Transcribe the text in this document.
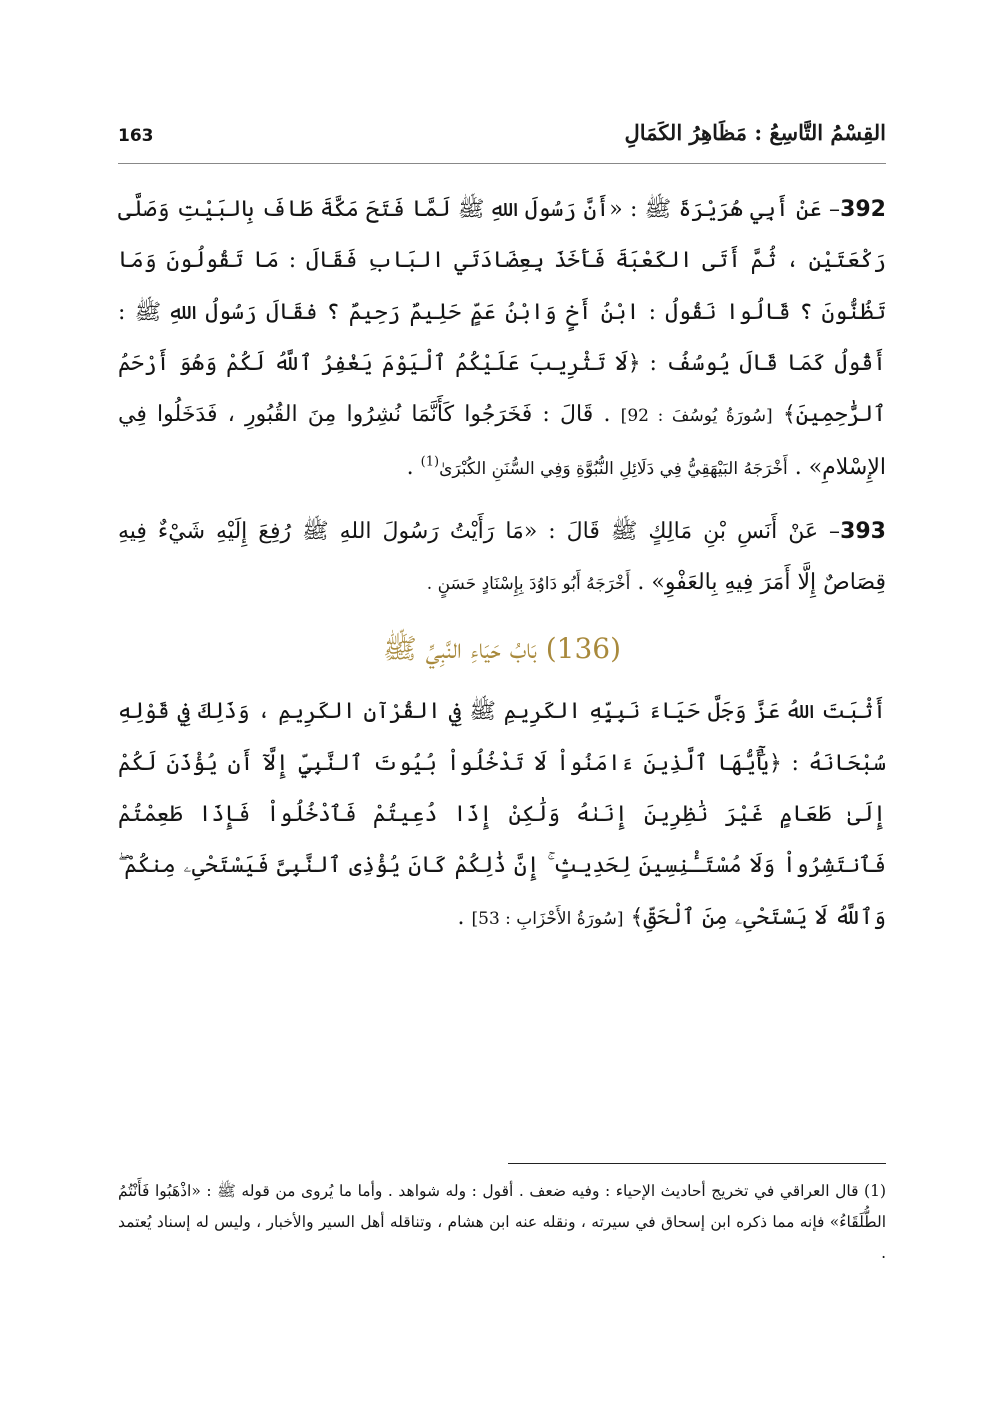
القِسْمُ التَّاسِعُ : مَظَاهِرُ الكَمَالِ
163

392– عَنْ أَبِي هُرَيْرَةَ ﷺ : «أَنَّ رَسُولَ اللهِ ﷺ لَمَّا فَتَحَ مَكَّةَ طَافَ بِالبَيْتِ وَصَلَّى رَكْعَتَيْنِ ، ثُمَّ أَتَى الكَعْبَةَ فَأَخَذَ بِعِضَادَتَي البَابِ فَقَالَ : مَا تَقُولُونَ وَمَا تَظُنُّونَ ؟ قَالُوا نَقُولُ : ابْنُ أَخٍ وَابْنُ عَمٍّ حَلِيمٌ رَحِيمٌ ؟ فقَالَ رَسُولُ اللهِ ﷺ : أَقُولُ كَمَا قَالَ يُوسُفُ : ﴿لَا تَثْرِيبَ عَلَيْكُمُ ٱلْيَوْمَ يَغْفِرُ ٱللَّهُ لَكُمْ وَهُوَ أَرْحَمُ ٱلرَّٰحِمِينَ﴾ [سُورَةُ يُوسُفَ : 92] . قَالَ : فَخَرَجُوا كَأَنَّمَا نُشِرُوا مِنَ القُبُورِ ، فَدَخَلُوا فِي الإِسْلامِ» . أَخْرَجَهُ البَيْهَقِيُّ فِي دَلَائِلِ النُّبُوَّةِ وَفِي السُّنَنِ الكُبْرَىٰ$^{(1)}$ .

393– عَنْ أَنَسِ بْنِ مَالِكٍ ﷺ قَالَ : «مَا رَأَيْتُ رَسُولَ اللهِ ﷺ رُفِعَ إِلَيْهِ شَيْءٌ فِيهِ قِصَاصٌ إِلَّا أَمَرَ فِيهِ بِالعَفْوِ» . أَخْرَجَهُ أَبُو دَاوُدَ بِإِسْنَادٍ حَسَنٍ .

(136) بَابُ حَيَاءِ النَّبِيِّ ﷺ

أَثْبَتَ اللهُ عَزَّ وَجَلَّ حَيَاءَ نَبِيِّهِ الكَرِيمِ ﷺ فِي القُرْآنِ الكَرِيمِ ، وَذَلِكَ فِي قَوْلِهِ سُبْحَانَهُ : ﴿يَٰٓأَيُّهَا ٱلَّذِينَ ءَامَنُواْ لَا تَدْخُلُواْ بُيُوتَ ٱلنَّبِيِّ إِلَّآ أَن يُؤْذَنَ لَكُمْ إِلَىٰ طَعَامٍ غَيْرَ نَٰظِرِينَ إِنَىٰهُ وَلَٰكِنْ إِذَا دُعِيتُمْ فَٱدْخُلُواْ فَإِذَا طَعِمْتُمْ فَٱنتَشِرُواْ وَلَا مُسْتَـْٔنِسِينَ لِحَدِيثٍ ۚ إِنَّ ذَٰلِكُمْ كَانَ يُؤْذِى ٱلنَّبِىَّ فَيَسْتَحْىِۦ مِنكُمْ ۖ وَٱللَّهُ لَا يَسْتَحْىِۦ مِنَ ٱلْحَقِّ﴾ [سُورَةُ الأَحْزَابِ : 53] .

(1) قال العراقي في تخريج أحاديث الإحياء : وفيه ضعف . أقول : وله شواهد . وأما ما يُروى من قوله ﷺ : «اذْهَبُوا فَأَنْتُمُ الطُّلَقَاءُ» فإنه مما ذكره ابن إسحاق في سيرته ، ونقله عنه ابن هشام ، وتناقله أهل السير والأخبار ، وليس له إسناد يُعتمد .
